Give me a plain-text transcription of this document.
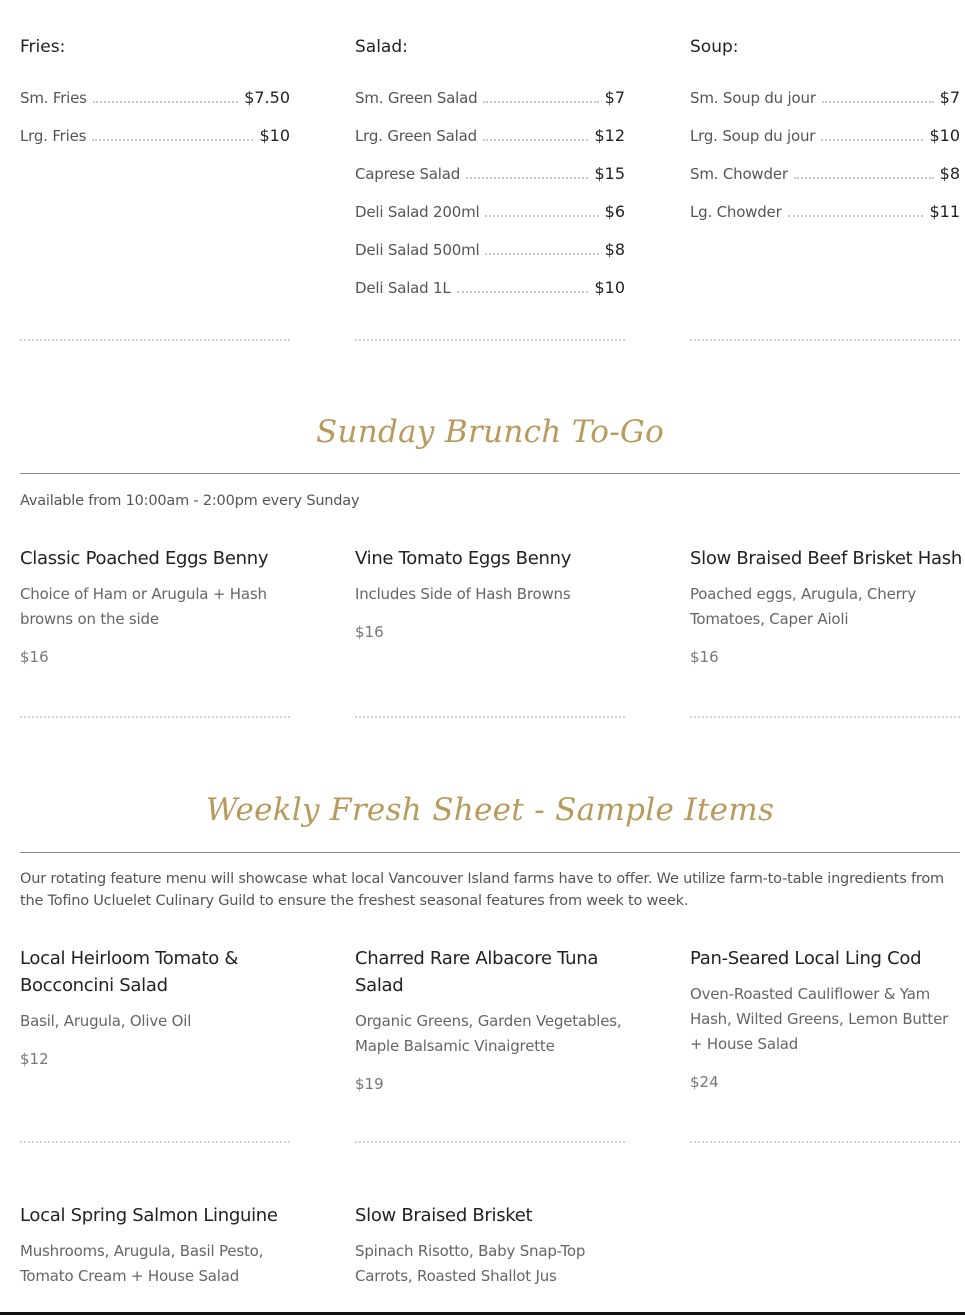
Fries:
Sm. Fries	$7.50
Lrg. Fries	$10
Salad:
Sm. Green Salad	$7
Lrg. Green Salad	$12
Caprese Salad	$15
Deli Salad 200ml	$6
Deli Salad 500ml	$8
Deli Salad 1L	$10
Soup:
Sm. Soup du jour	$7
Lrg. Soup du jour	$10
Sm. Chowder	$8
Lg. Chowder	$11
Sunday Brunch To-Go
Available from 10:00am - 2:00pm every Sunday
Classic Poached Eggs Benny
Choice of Ham or Arugula + Hash browns on the side
$16
Vine Tomato Eggs Benny
Includes Side of Hash Browns
$16
Slow Braised Beef Brisket Hash
Poached eggs, Arugula, Cherry Tomatoes, Caper Aioli
$16
Weekly Fresh Sheet - Sample Items
Our rotating feature menu will showcase what local Vancouver Island farms have to offer. We utilize farm-to-table ingredients from the Tofino Ucluelet Culinary Guild to ensure the freshest seasonal features from week to week.
Local Heirloom Tomato & Bocconcini Salad
Basil, Arugula, Olive Oil
$12
Charred Rare Albacore Tuna Salad
Organic Greens, Garden Vegetables, Maple Balsamic Vinaigrette
$19
Pan-Seared Local Ling Cod
Oven-Roasted Cauliflower & Yam Hash, Wilted Greens, Lemon Butter + House Salad
$24
Local Spring Salmon Linguine
Mushrooms, Arugula, Basil Pesto, Tomato Cream + House Salad
Slow Braised Brisket
Spinach Risotto, Baby Snap-Top Carrots, Roasted Shallot Jus
